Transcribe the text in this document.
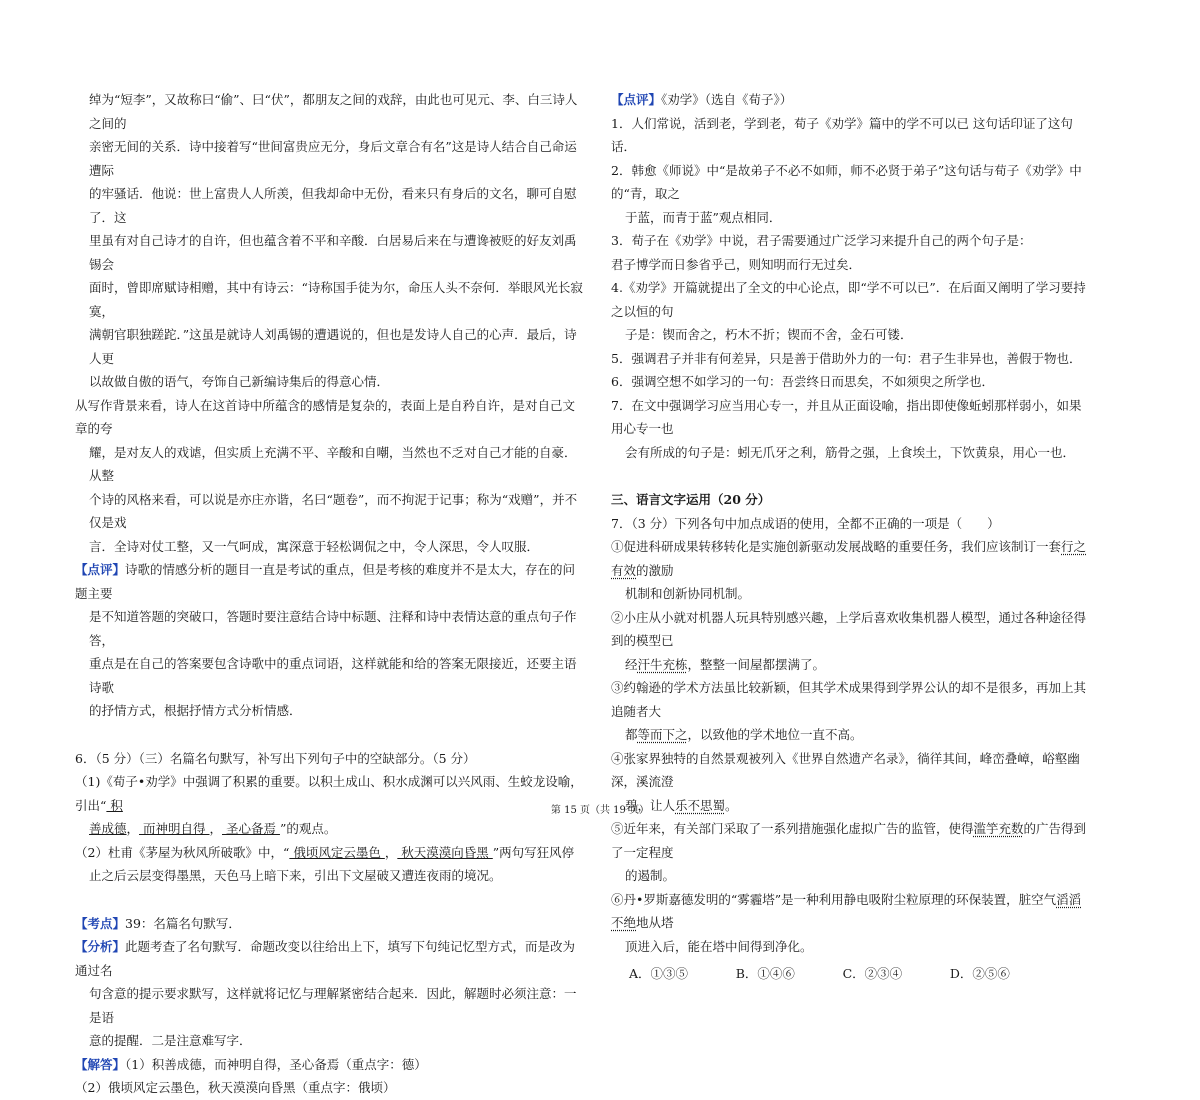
绰为“短李”，又故称曰“偷”、曰“伏”，都朋友之间的戏辞，由此也可见元、李、白三诗人之间的

亲密无间的关系．诗中接着写“世间富贵应无分，身后文章合有名”这是诗人结合自己命运遭际

的牢骚话．他说：世上富贵人人所羡，但我却命中无份，看来只有身后的文名，聊可自慰了．这

里虽有对自己诗才的自许，但也蕴含着不平和辛酸．白居易后来在与遭谗被贬的好友刘禹锡会

面时，曾即席赋诗相赠，其中有诗云：“诗称国手徒为尔，命压人头不奈何．举眼风光长寂寞，

满朝官职独蹉跎．”这虽是就诗人刘禹锡的遭遇说的，但也是发诗人自己的心声．最后，诗人更

以故做自傲的语气，夸饰自己新编诗集后的得意心情．

从写作背景来看，诗人在这首诗中所蕴含的感情是复杂的，表面上是自矜自许，是对自己文章的夸

耀，是对友人的戏谑，但实质上充满不平、辛酸和自嘲，当然也不乏对自己才能的自豪．从整

个诗的风格来看，可以说是亦庄亦谐，名曰“题卷”，而不拘泥于记事；称为“戏赠”，并不仅是戏

言．全诗对仗工整，又一气呵成，寓深意于轻松调侃之中，令人深思，令人叹服．

【点评】诗歌的情感分析的题目一直是考试的重点，但是考核的难度并不是太大，存在的问题主要

是不知道答题的突破口，答题时要注意结合诗中标题、注释和诗中表情达意的重点句子作答，

重点是在自己的答案要包含诗歌中的重点词语，这样就能和给的答案无限接近，还要主语诗歌

的抒情方式，根据抒情方式分析情感．

6．（5 分）（三）名篇名句默写，补写出下列句子中的空缺部分。（5 分）

（1)《荀子•劝学》中强调了积累的重要。以积土成山、积水成渊可以兴风雨、生蛟龙设喻，引出“ 积

善成德， 而神明自得 ， 圣心备焉 ”的观点。

（2）杜甫《茅屋为秋风所破歌》中，“ 俄顷风定云墨色 ， 秋天漠漠向昏黑 ”两句写狂风停

止之后云层变得墨黑，天色马上暗下来，引出下文屋破又遭连夜雨的境况。

【考点】39：名篇名句默写．

【分析】此题考查了名句默写．命题改变以往给出上下，填写下句纯记忆型方式，而是改为通过名

句含意的提示要求默写，这样就将记忆与理解紧密结合起来．因此，解题时必须注意：一是语

意的提醒．二是注意难写字．

【解答】（1）积善成德，而神明自得，圣心备焉（重点字：德）

（2）俄顷风定云墨色，秋天漠漠向昏黑（重点字：俄顷）

【点评】《劝学》（选自《荀子》）

1．人们常说，活到老，学到老，荀子《劝学》篇中的学不可以已 这句话印证了这句话．

2．韩愈《师说》中“是故弟子不必不如师，师不必贤于弟子”这句话与荀子《劝学》中的“青，取之

于蓝，而青于蓝”观点相同．

3．荀子在《劝学》中说，君子需要通过广泛学习来提升自己的两个句子是：

君子博学而日参省乎己，则知明而行无过矣．

4.《劝学》开篇就提出了全文的中心论点，即“学不可以已”．在后面又阐明了学习要持之以恒的句

子是：锲而舍之，朽木不折；锲而不舍，金石可镂．

5．强调君子并非有何差异，只是善于借助外力的一句：君子生非异也，善假于物也．

6．强调空想不如学习的一句：吾尝终日而思矣，不如须臾之所学也．

7．在文中强调学习应当用心专一，并且从正面设喻，指出即使像蚯蚓那样弱小，如果用心专一也

会有所成的句子是：蚓无爪牙之利，筋骨之强，上食埃土，下饮黄泉，用心一也．

三、语言文字运用（20 分）

7．（3 分）下列各句中加点成语的使用，全都不正确的一项是（　　）

①促进科研成果转移转化是实施创新驱动发展战略的重要任务，我们应该制订一套行之有效的激励

机制和创新协同机制。

②小庄从小就对机器人玩具特别感兴趣，上学后喜欢收集机器人模型，通过各种途径得到的模型已

经汗牛充栋，整整一间屋都摆满了。

③约翰逊的学术方法虽比较新颖，但其学术成果得到学界公认的却不是很多，再加上其追随者大

都等而下之，以致他的学术地位一直不高。

④张家界独特的自然景观被列入《世界自然遗产名录》，徜徉其间，峰峦叠嶂，峪壑幽深，溪流澄

碧，让人乐不思蜀。

⑤近年来，有关部门采取了一系列措施强化虚拟广告的监管，使得滥竽充数的广告得到了一定程度

的遏制。

⑥丹•罗斯嘉德发明的“雾霾塔”是一种利用静电吸附尘粒原理的环保装置，脏空气滔滔不绝地从塔

顶进入后，能在塔中间得到净化。

A．①③⑤	B．①④⑥	C．②③④	D．②⑤⑥
第 15 页（共 19 页）
